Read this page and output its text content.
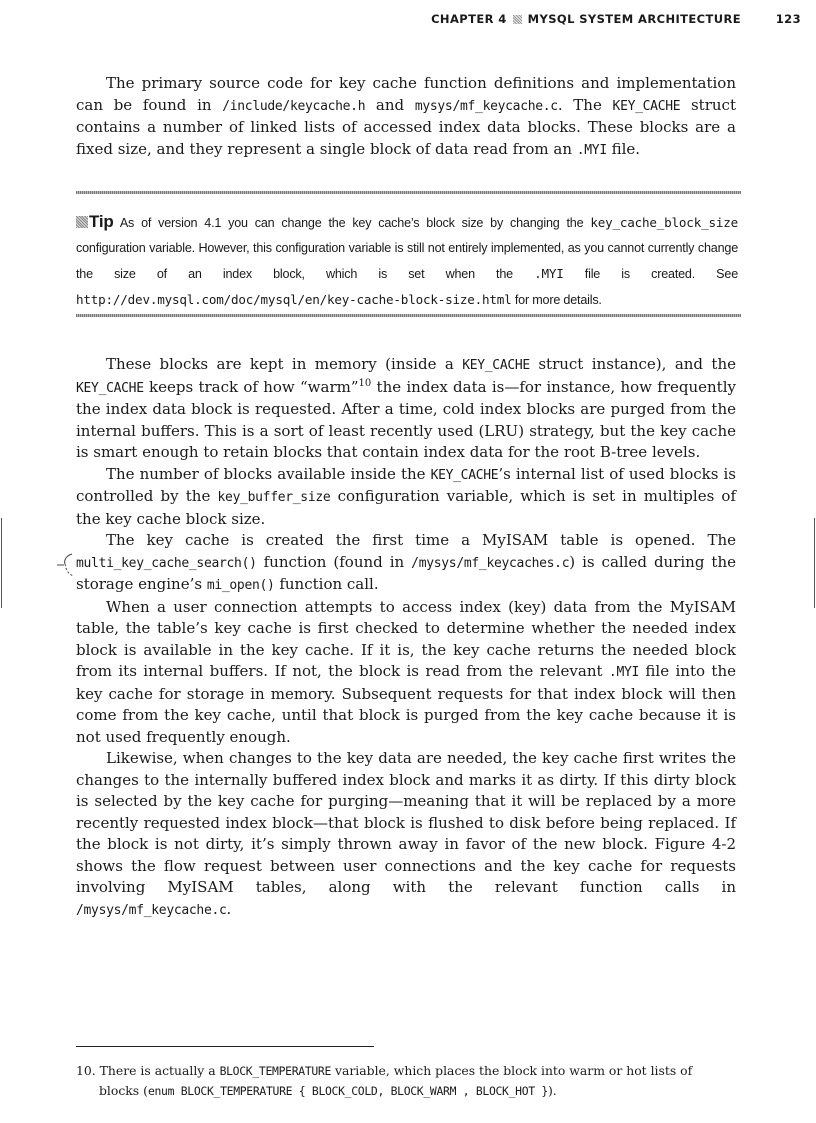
CHAPTER 4 MYSQL SYSTEM ARCHITECTURE	123

The primary source code for key cache function definitions and implementation can be found in /include/keycache.h and mysys/mf_keycache.c. The KEY_CACHE struct contains a number of linked lists of accessed index data blocks. These blocks are a fixed size, and they represent a single block of data read from an .MYI file.

Tip As of version 4.1 you can change the key cache’s block size by changing the key_cache_block_size configuration variable. However, this configuration variable is still not entirely implemented, as you cannot currently change the size of an index block, which is set when the .MYI file is created. See http://dev.mysql.com/doc/mysql/en/key-cache-block-size.html for more details.

These blocks are kept in memory (inside a KEY_CACHE struct instance), and the KEY_CACHE keeps track of how “warm”$^{10}$ the index data is—for instance, how frequently the index data block is requested. After a time, cold index blocks are purged from the internal buffers. This is a sort of least recently used (LRU) strategy, but the key cache is smart enough to retain blocks that contain index data for the root B-tree levels.

The number of blocks available inside the KEY_CACHE’s internal list of used blocks is controlled by the key_buffer_size configuration variable, which is set in multiples of the key cache block size.

The key cache is created the first time a MyISAM table is opened. The multi_key_cache_search() function (found in /mysys/mf_keycaches.c) is called during the storage engine’s mi_open() function call.

When a user connection attempts to access index (key) data from the MyISAM table, the table’s key cache is first checked to determine whether the needed index block is available in the key cache. If it is, the key cache returns the needed block from its internal buffers. If not, the block is read from the relevant .MYI file into the key cache for storage in memory. Subsequent requests for that index block will then come from the key cache, until that block is purged from the key cache because it is not used frequently enough.

Likewise, when changes to the key data are needed, the key cache first writes the changes to the internally buffered index block and marks it as dirty. If this dirty block is selected by the key cache for purging—meaning that it will be replaced by a more recently requested index block—that block is flushed to disk before being replaced. If the block is not dirty, it’s simply thrown away in favor of the new block. Figure 4-2 shows the flow request between user connections and the key cache for requests involving MyISAM tables, along with the relevant function calls in /mysys/mf_keycache.c.

10. There is actually a BLOCK_TEMPERATURE variable, which places the block into warm or hot lists of blocks (enum BLOCK_TEMPERATURE { BLOCK_COLD, BLOCK_WARM , BLOCK_HOT }).
